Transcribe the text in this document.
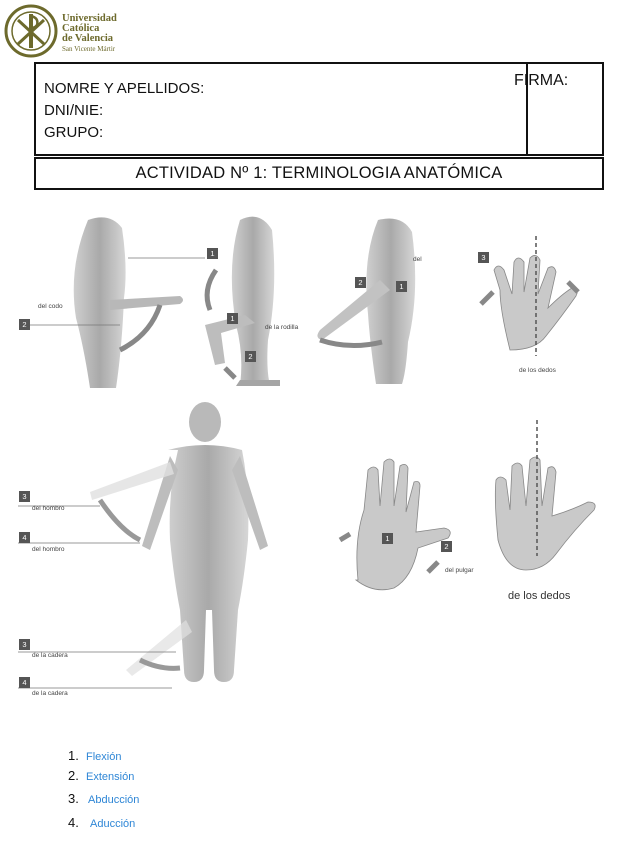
Universidad
Católica
de Valencia
San Vicente Mártir
NOMRE Y APELLIDOS:
DNI/NIE:
GRUPO:
FIRMA:
ACTIVIDAD Nº 1: TERMINOLOGIA ANATÓMICA
1
2
1
2
2	1
3
3
4
3
4
1
2
del codo
de la rodilla
del
de los dedos
del hombro
del hombro
de la cadera
de la cadera
del pulgar
de los dedos
1. Flexión
2. Extensión
3. Abducción
4.	Aducción
